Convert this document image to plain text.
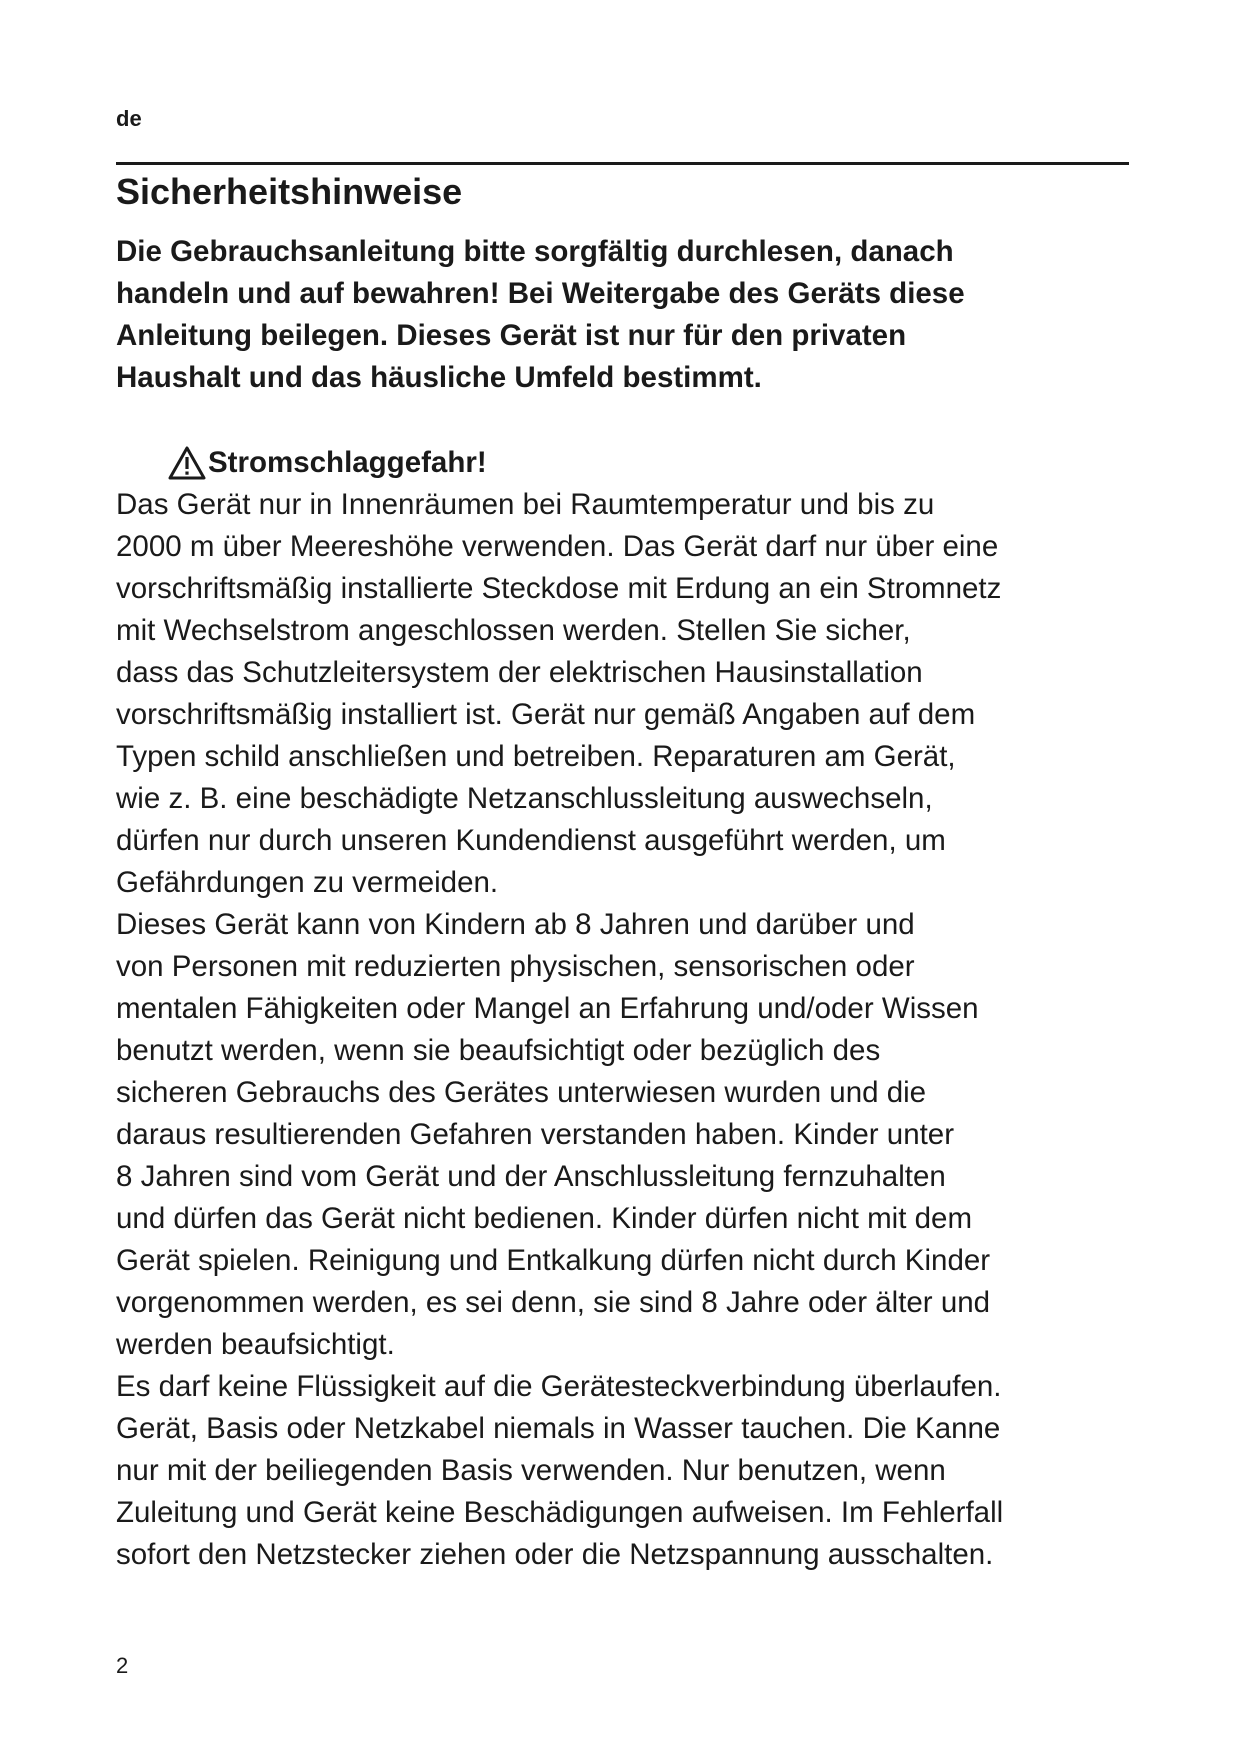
de
Sicherheitshinweise

Die Gebrauchsanleitung bitte sorgfältig durchlesen, danach
handeln und auf bewahren! Bei Weitergabe des Geräts diese
Anleitung beilegen. Dieses Gerät ist nur für den privaten
Haushalt und das häusliche Umfeld bestimmt.

Stromschlaggefahr!

Das Gerät nur in Innenräumen bei Raumtemperatur und bis zu
2000 m über Meereshöhe verwenden. Das Gerät darf nur über eine
vorschriftsmäßig installierte Steckdose mit Erdung an ein Stromnetz
mit Wechselstrom angeschlossen werden. Stellen Sie sicher,
dass das Schutzleitersystem der elektrischen Hausinstallation
vorschriftsmäßig installiert ist. Gerät nur gemäß Angaben auf dem
Typen schild anschließen und betreiben. Reparaturen am Gerät,
wie z. B. eine beschädigte Netzanschlussleitung auswechseln,
dürfen nur durch unseren Kundendienst ausgeführt werden, um
Gefährdungen zu vermeiden.
Dieses Gerät kann von Kindern ab 8 Jahren und darüber und
von Personen mit reduzierten physischen, sensorischen oder
mentalen Fähigkeiten oder Mangel an Erfahrung und/oder Wissen
benutzt werden, wenn sie beaufsichtigt oder bezüglich des
sicheren Gebrauchs des Gerätes unterwiesen wurden und die
daraus resultierenden Gefahren verstanden haben. Kinder unter
8 Jahren sind vom Gerät und der Anschlussleitung fernzuhalten
und dürfen das Gerät nicht bedienen. Kinder dürfen nicht mit dem
Gerät spielen. Reinigung und Entkalkung dürfen nicht durch Kinder
vorgenommen werden, es sei denn, sie sind 8 Jahre oder älter und
werden beaufsichtigt.
Es darf keine Flüssigkeit auf die Gerätesteckverbindung überlaufen.
Gerät, Basis oder Netzkabel niemals in Wasser tauchen. Die Kanne
nur mit der beiliegenden Basis verwenden. Nur benutzen, wenn
Zuleitung und Gerät keine Beschädigungen aufweisen. Im Fehlerfall
sofort den Netzstecker ziehen oder die Netzspannung ausschalten.

2
